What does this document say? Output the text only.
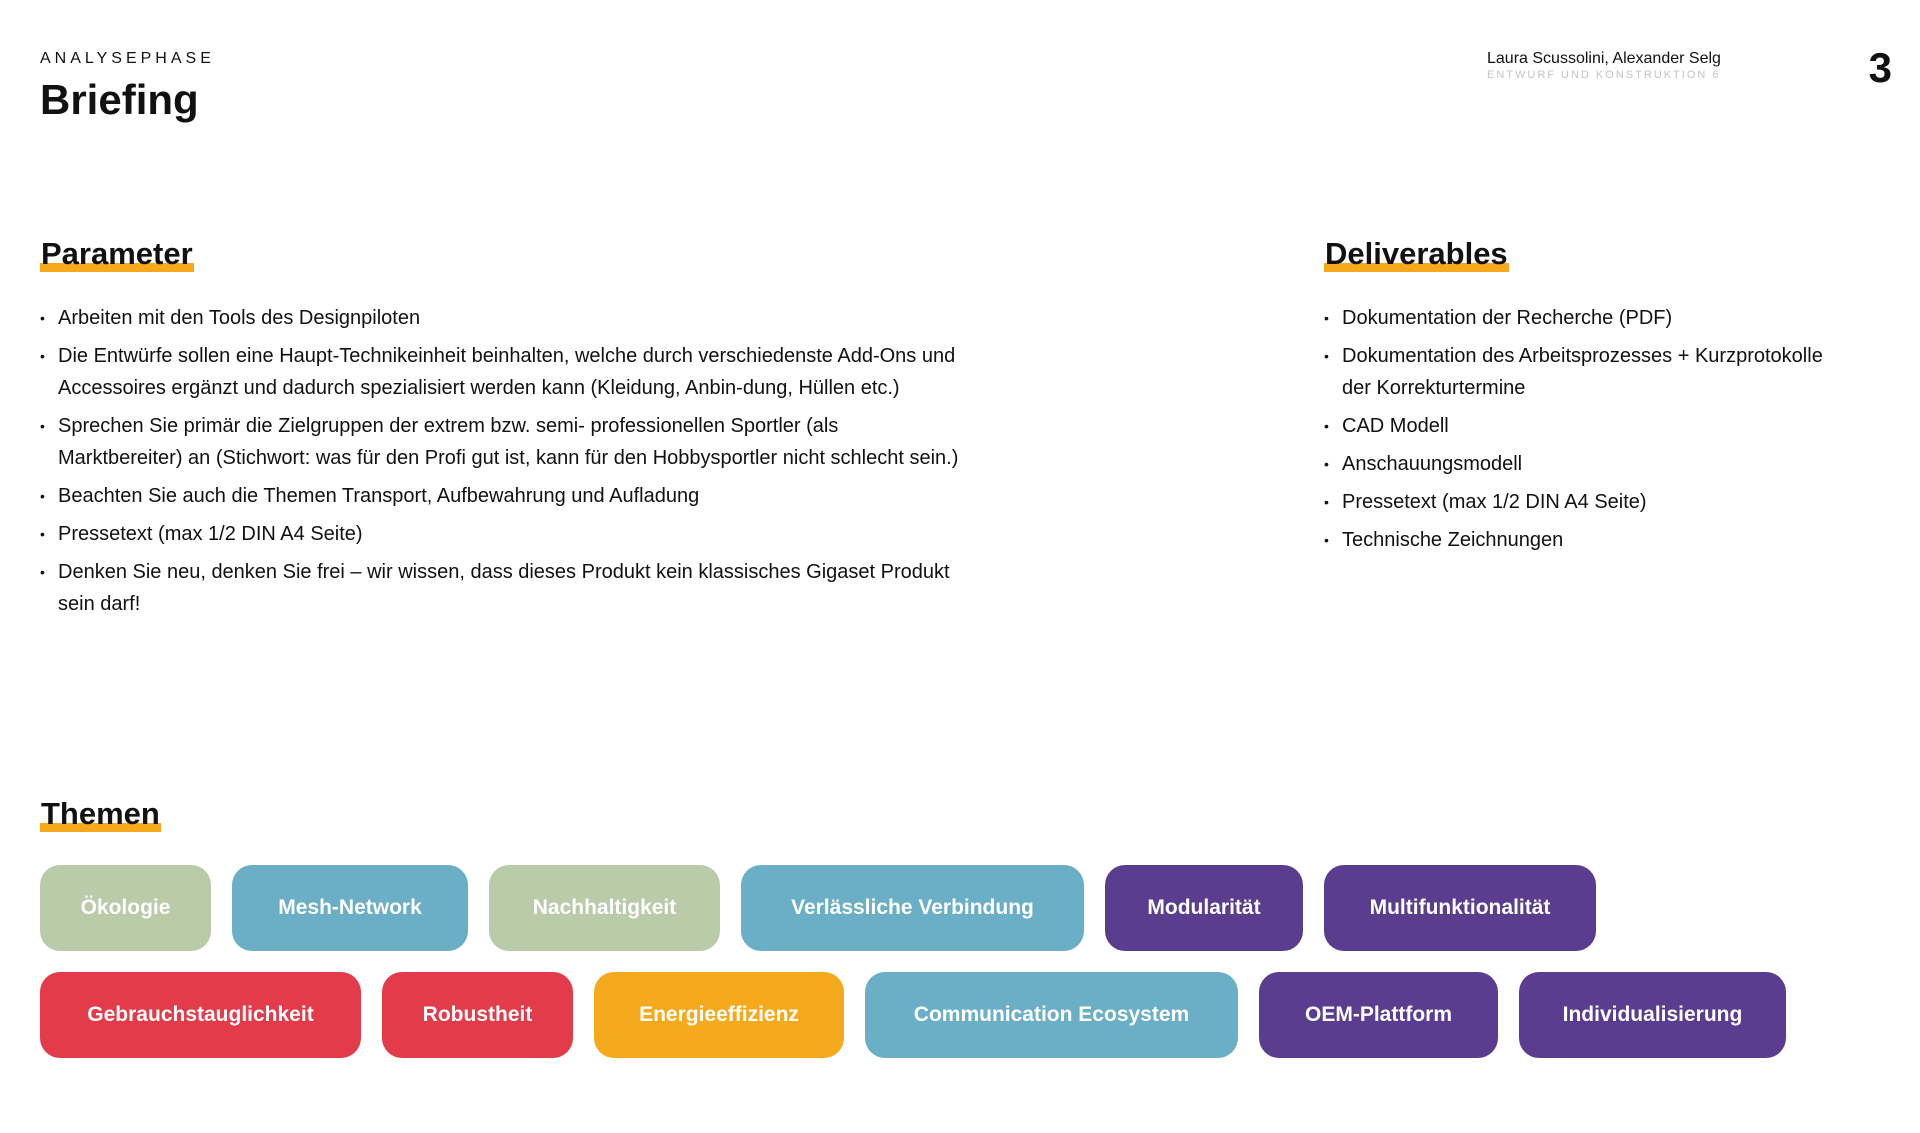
ANALYSEPHASE
Briefing
Laura Scussolini, Alexander Selg
ENTWURF UND KONSTRUKTION 6	3
Parameter
• Arbeiten mit den Tools des Designpiloten
• Die Entwürfe sollen eine Haupt-Technikeinheit beinhalten, welche durch verschiedenste Add-Ons und Accessoires ergänzt und dadurch spezialisiert werden kann (Kleidung, Anbin-dung, Hüllen etc.)
• Sprechen Sie primär die Zielgruppen der extrem bzw. semi- professionellen Sportler (als Marktbereiter) an (Stichwort: was für den Profi gut ist, kann für den Hobbysportler nicht schlecht sein.)
• Beachten Sie auch die Themen Transport, Aufbewahrung und Aufladung
• Pressetext (max 1/2 DIN A4 Seite)
• Denken Sie neu, denken Sie frei – wir wissen, dass dieses Produkt kein klassisches Gigaset Produkt sein darf!
Deliverables
• Dokumentation der Recherche (PDF)
• Dokumentation des Arbeitsprozesses + Kurzprotokolle der Korrekturtermine
• CAD Modell
• Anschauungsmodell
• Pressetext (max 1/2 DIN A4 Seite)
• Technische Zeichnungen
Themen
Ökologie	Mesh-Network	Nachhaltigkeit	Verlässliche Verbindung	Modularität	Multifunktionalität
Gebrauchstauglichkeit	Robustheit	Energieeffizienz	Communication Ecosystem	OEM-Plattform	Individualisierung
